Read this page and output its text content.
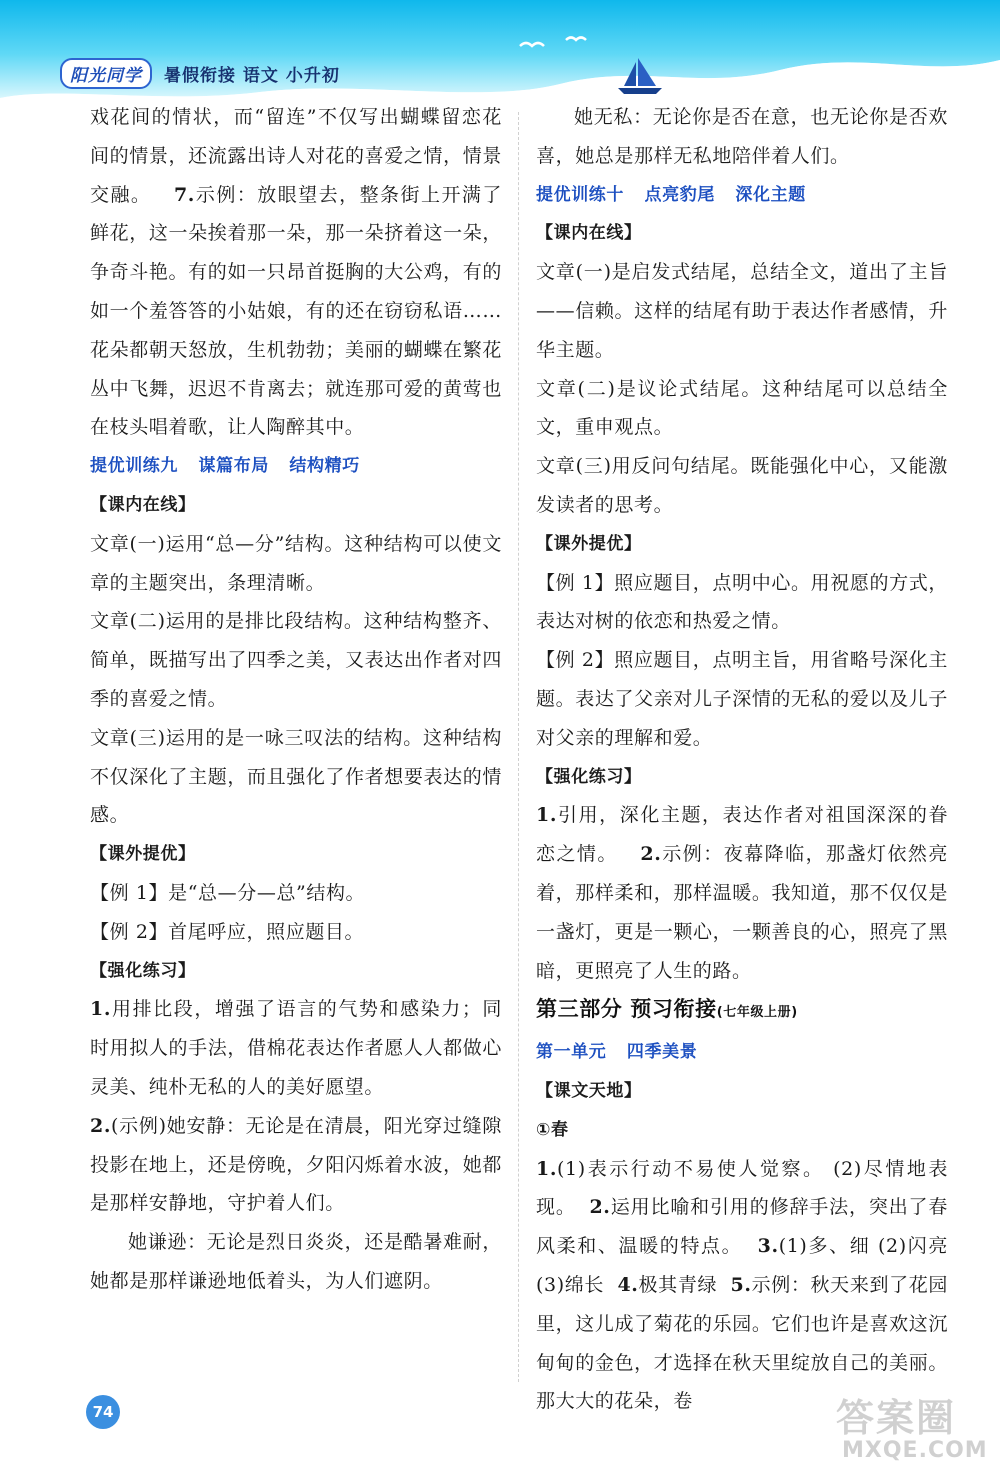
阳光同学	暑假衔接 语文 小升初

戏花间的情状，而“留连”不仅写出蝴蝶留恋花间的情景，还流露出诗人对花的喜爱之情，情景交融。 7.示例：放眼望去，整条街上开满了鲜花，这一朵挨着那一朵，那一朵挤着这一朵，争奇斗艳。有的如一只昂首挺胸的大公鸡，有的如一个羞答答的小姑娘，有的还在窃窃私语……花朵都朝天怒放，生机勃勃；美丽的蝴蝶在繁花丛中飞舞，迟迟不肯离去；就连那可爱的黄莺也在枝头唱着歌，让人陶醉其中。

提优训练九 谋篇布局 结构精巧

【课内在线】

文章(一)运用“总—分”结构。这种结构可以使文章的主题突出，条理清晰。

文章(二)运用的是排比段结构。这种结构整齐、简单，既描写出了四季之美，又表达出作者对四季的喜爱之情。

文章(三)运用的是一咏三叹法的结构。这种结构不仅深化了主题，而且强化了作者想要表达的情感。

【课外提优】

【例 1】是“总—分—总”结构。

【例 2】首尾呼应，照应题目。

【强化练习】

1.用排比段，增强了语言的气势和感染力；同时用拟人的手法，借棉花表达作者愿人人都做心灵美、纯朴无私的人的美好愿望。

2.(示例)她安静：无论是在清晨，阳光穿过缝隙投影在地上，还是傍晚，夕阳闪烁着水波，她都是那样安静地，守护着人们。

她谦逊：无论是烈日炎炎，还是酷暑难耐，她都是那样谦逊地低着头，为人们遮阴。

她无私：无论你是否在意，也无论你是否欢喜，她总是那样无私地陪伴着人们。

提优训练十 点亮豹尾 深化主题

【课内在线】

文章(一)是启发式结尾，总结全文，道出了主旨——信赖。这样的结尾有助于表达作者感情，升华主题。

文章(二)是议论式结尾。这种结尾可以总结全文，重申观点。

文章(三)用反问句结尾。既能强化中心，又能激发读者的思考。

【课外提优】

【例 1】照应题目，点明中心。用祝愿的方式，表达对树的依恋和热爱之情。

【例 2】照应题目，点明主旨，用省略号深化主题。表达了父亲对儿子深情的无私的爱以及儿子对父亲的理解和爱。

【强化练习】

1.引用，深化主题，表达作者对祖国深深的眷恋之情。 2.示例：夜幕降临，那盏灯依然亮着，那样柔和，那样温暖。我知道，那不仅仅是一盏灯，更是一颗心，一颗善良的心，照亮了黑暗，更照亮了人生的路。

第三部分 预习衔接(七年级上册)

第一单元 四季美景

【课文天地】

①春

1.(1)表示行动不易使人觉察。 (2)尽情地表现。 2.运用比喻和引用的修辞手法，突出了春风柔和、温暖的特点。 3.(1)多、细 (2)闪亮 (3)绵长 4.极其青绿 5.示例：秋天来到了花园里，这儿成了菊花的乐园。它们也许是喜欢这沉甸甸的金色，才选择在秋天里绽放自己的美丽。那大大的花朵，卷

74	答案圈
MXQE.COM
